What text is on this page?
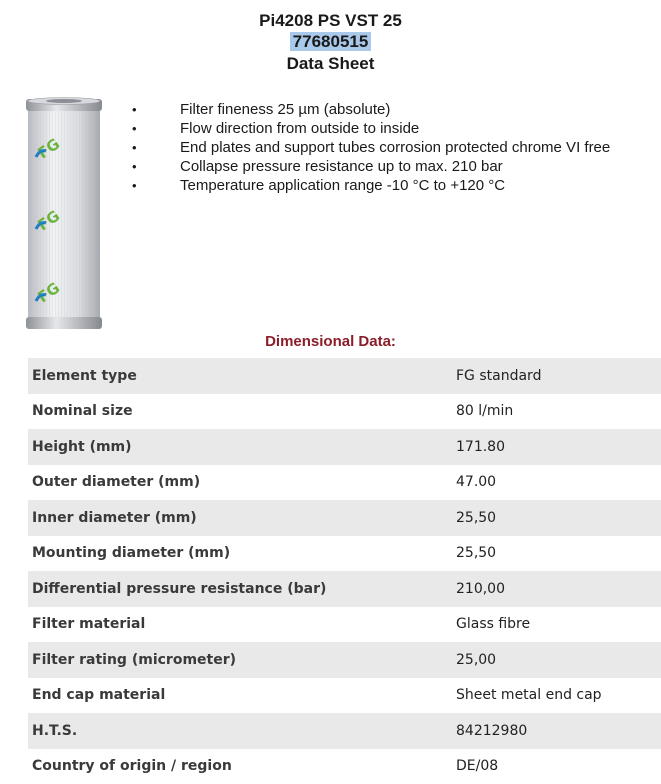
Pi4208 PS VST 25
77680515
Data Sheet
FG
FG
FG
• Filter fineness 25 µm (absolute)
• Flow direction from outside to inside
• End plates and support tubes corrosion protected chrome VI free
• Collapse pressure resistance up to max. 210 bar
• Temperature application range -10 °C to +120 °C
Dimensional Data:
Element type	FG standard
Nominal size	80 l/min
Height (mm)	171.80
Outer diameter (mm)	47.00
Inner diameter (mm)	25,50
Mounting diameter (mm)	25,50
Differential pressure resistance (bar)	210,00
Filter material	Glass fibre
Filter rating (micrometer)	25,00
End cap material	Sheet metal end cap
H.T.S.	84212980
Country of origin / region	DE/08
